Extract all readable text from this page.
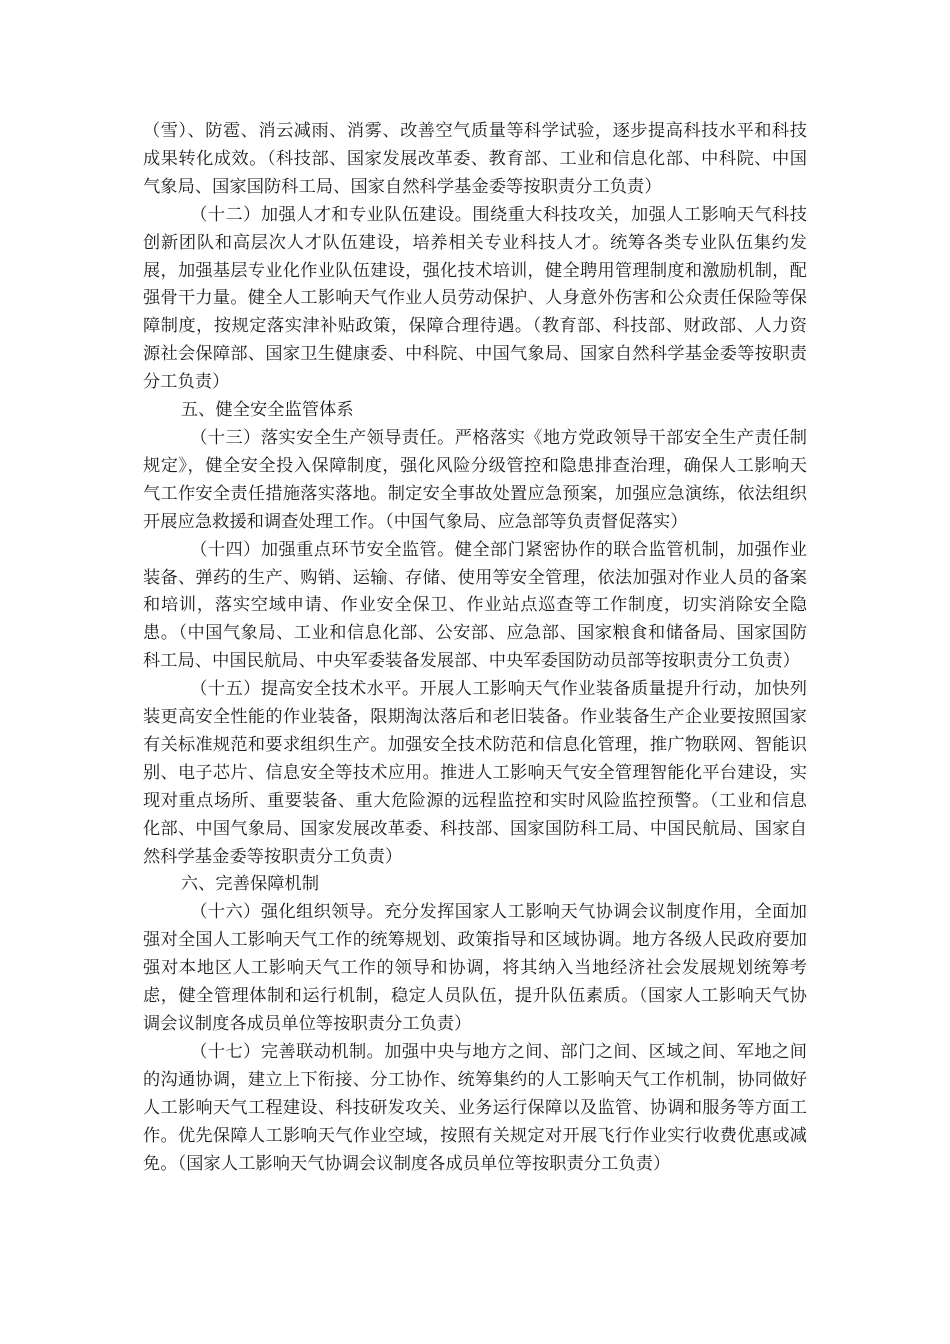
（雪）、防雹、消云减雨、消雾、改善空气质量等科学试验，逐步提高科技水平和科技成果转化成效。（科技部、国家发展改革委、教育部、工业和信息化部、中科院、中国气象局、国家国防科工局、国家自然科学基金委等按职责分工负责）

（十二）加强人才和专业队伍建设。围绕重大科技攻关，加强人工影响天气科技创新团队和高层次人才队伍建设，培养相关专业科技人才。统筹各类专业队伍集约发展，加强基层专业化作业队伍建设，强化技术培训，健全聘用管理制度和激励机制，配强骨干力量。健全人工影响天气作业人员劳动保护、人身意外伤害和公众责任保险等保障制度，按规定落实津补贴政策，保障合理待遇。（教育部、科技部、财政部、人力资源社会保障部、国家卫生健康委、中科院、中国气象局、国家自然科学基金委等按职责分工负责）

五、健全安全监管体系

（十三）落实安全生产领导责任。严格落实《地方党政领导干部安全生产责任制规定》，健全安全投入保障制度，强化风险分级管控和隐患排查治理，确保人工影响天气工作安全责任措施落实落地。制定安全事故处置应急预案，加强应急演练，依法组织开展应急救援和调查处理工作。（中国气象局、应急部等负责督促落实）

（十四）加强重点环节安全监管。健全部门紧密协作的联合监管机制，加强作业装备、弹药的生产、购销、运输、存储、使用等安全管理，依法加强对作业人员的备案和培训，落实空域申请、作业安全保卫、作业站点巡查等工作制度，切实消除安全隐患。（中国气象局、工业和信息化部、公安部、应急部、国家粮食和储备局、国家国防科工局、中国民航局、中央军委装备发展部、中央军委国防动员部等按职责分工负责）

（十五）提高安全技术水平。开展人工影响天气作业装备质量提升行动，加快列装更高安全性能的作业装备，限期淘汰落后和老旧装备。作业装备生产企业要按照国家有关标准规范和要求组织生产。加强安全技术防范和信息化管理，推广物联网、智能识别、电子芯片、信息安全等技术应用。推进人工影响天气安全管理智能化平台建设，实现对重点场所、重要装备、重大危险源的远程监控和实时风险监控预警。（工业和信息化部、中国气象局、国家发展改革委、科技部、国家国防科工局、中国民航局、国家自然科学基金委等按职责分工负责）

六、完善保障机制

（十六）强化组织领导。充分发挥国家人工影响天气协调会议制度作用，全面加强对全国人工影响天气工作的统筹规划、政策指导和区域协调。地方各级人民政府要加强对本地区人工影响天气工作的领导和协调，将其纳入当地经济社会发展规划统筹考虑，健全管理体制和运行机制，稳定人员队伍，提升队伍素质。（国家人工影响天气协调会议制度各成员单位等按职责分工负责）

（十七）完善联动机制。加强中央与地方之间、部门之间、区域之间、军地之间的沟通协调，建立上下衔接、分工协作、统筹集约的人工影响天气工作机制，协同做好人工影响天气工程建设、科技研发攻关、业务运行保障以及监管、协调和服务等方面工作。优先保障人工影响天气作业空域，按照有关规定对开展飞行作业实行收费优惠或减免。（国家人工影响天气协调会议制度各成员单位等按职责分工负责）
